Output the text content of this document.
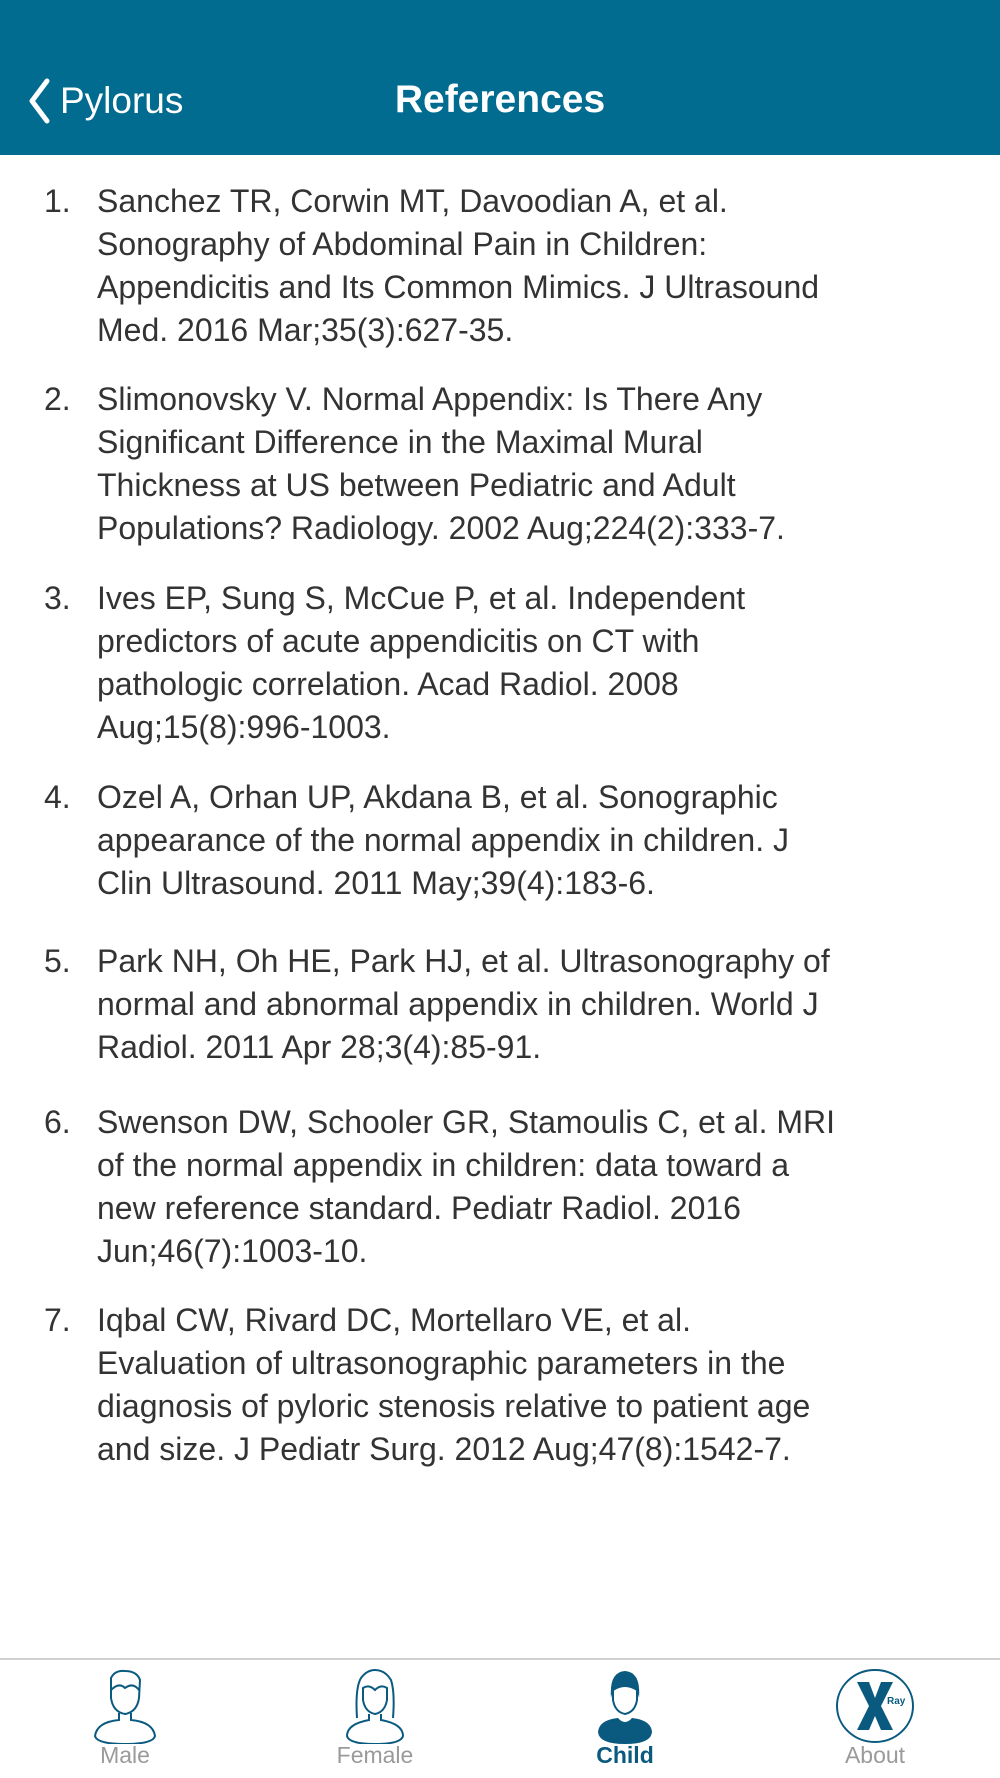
Pylorus	References
1. Sanchez TR, Corwin MT, Davoodian A, et al.
Sonography of Abdominal Pain in Children:
Appendicitis and Its Common Mimics. J Ultrasound
Med. 2016 Mar;35(3):627-35.
2. Slimonovsky V. Normal Appendix: Is There Any
Significant Difference in the Maximal Mural
Thickness at US between Pediatric and Adult
Populations? Radiology. 2002 Aug;224(2):333-7.
3. Ives EP, Sung S, McCue P, et al. Independent
predictors of acute appendicitis on CT with
pathologic correlation. Acad Radiol. 2008
Aug;15(8):996-1003.
4. Ozel A, Orhan UP, Akdana B, et al. Sonographic
appearance of the normal appendix in children. J
Clin Ultrasound. 2011 May;39(4):183-6.
5. Park NH, Oh HE, Park HJ, et al. Ultrasonography of
normal and abnormal appendix in children. World J
Radiol. 2011 Apr 28;3(4):85-91.
6. Swenson DW, Schooler GR, Stamoulis C, et al. MRI
of the normal appendix in children: data toward a
new reference standard. Pediatr Radiol. 2016
Jun;46(7):1003-10.
7. Iqbal CW, Rivard DC, Mortellaro VE, et al.
Evaluation of ultrasonographic parameters in the
diagnosis of pyloric stenosis relative to patient age
and size. J Pediatr Surg. 2012 Aug;47(8):1542-7.
Male	Female	Child
Ray
About
